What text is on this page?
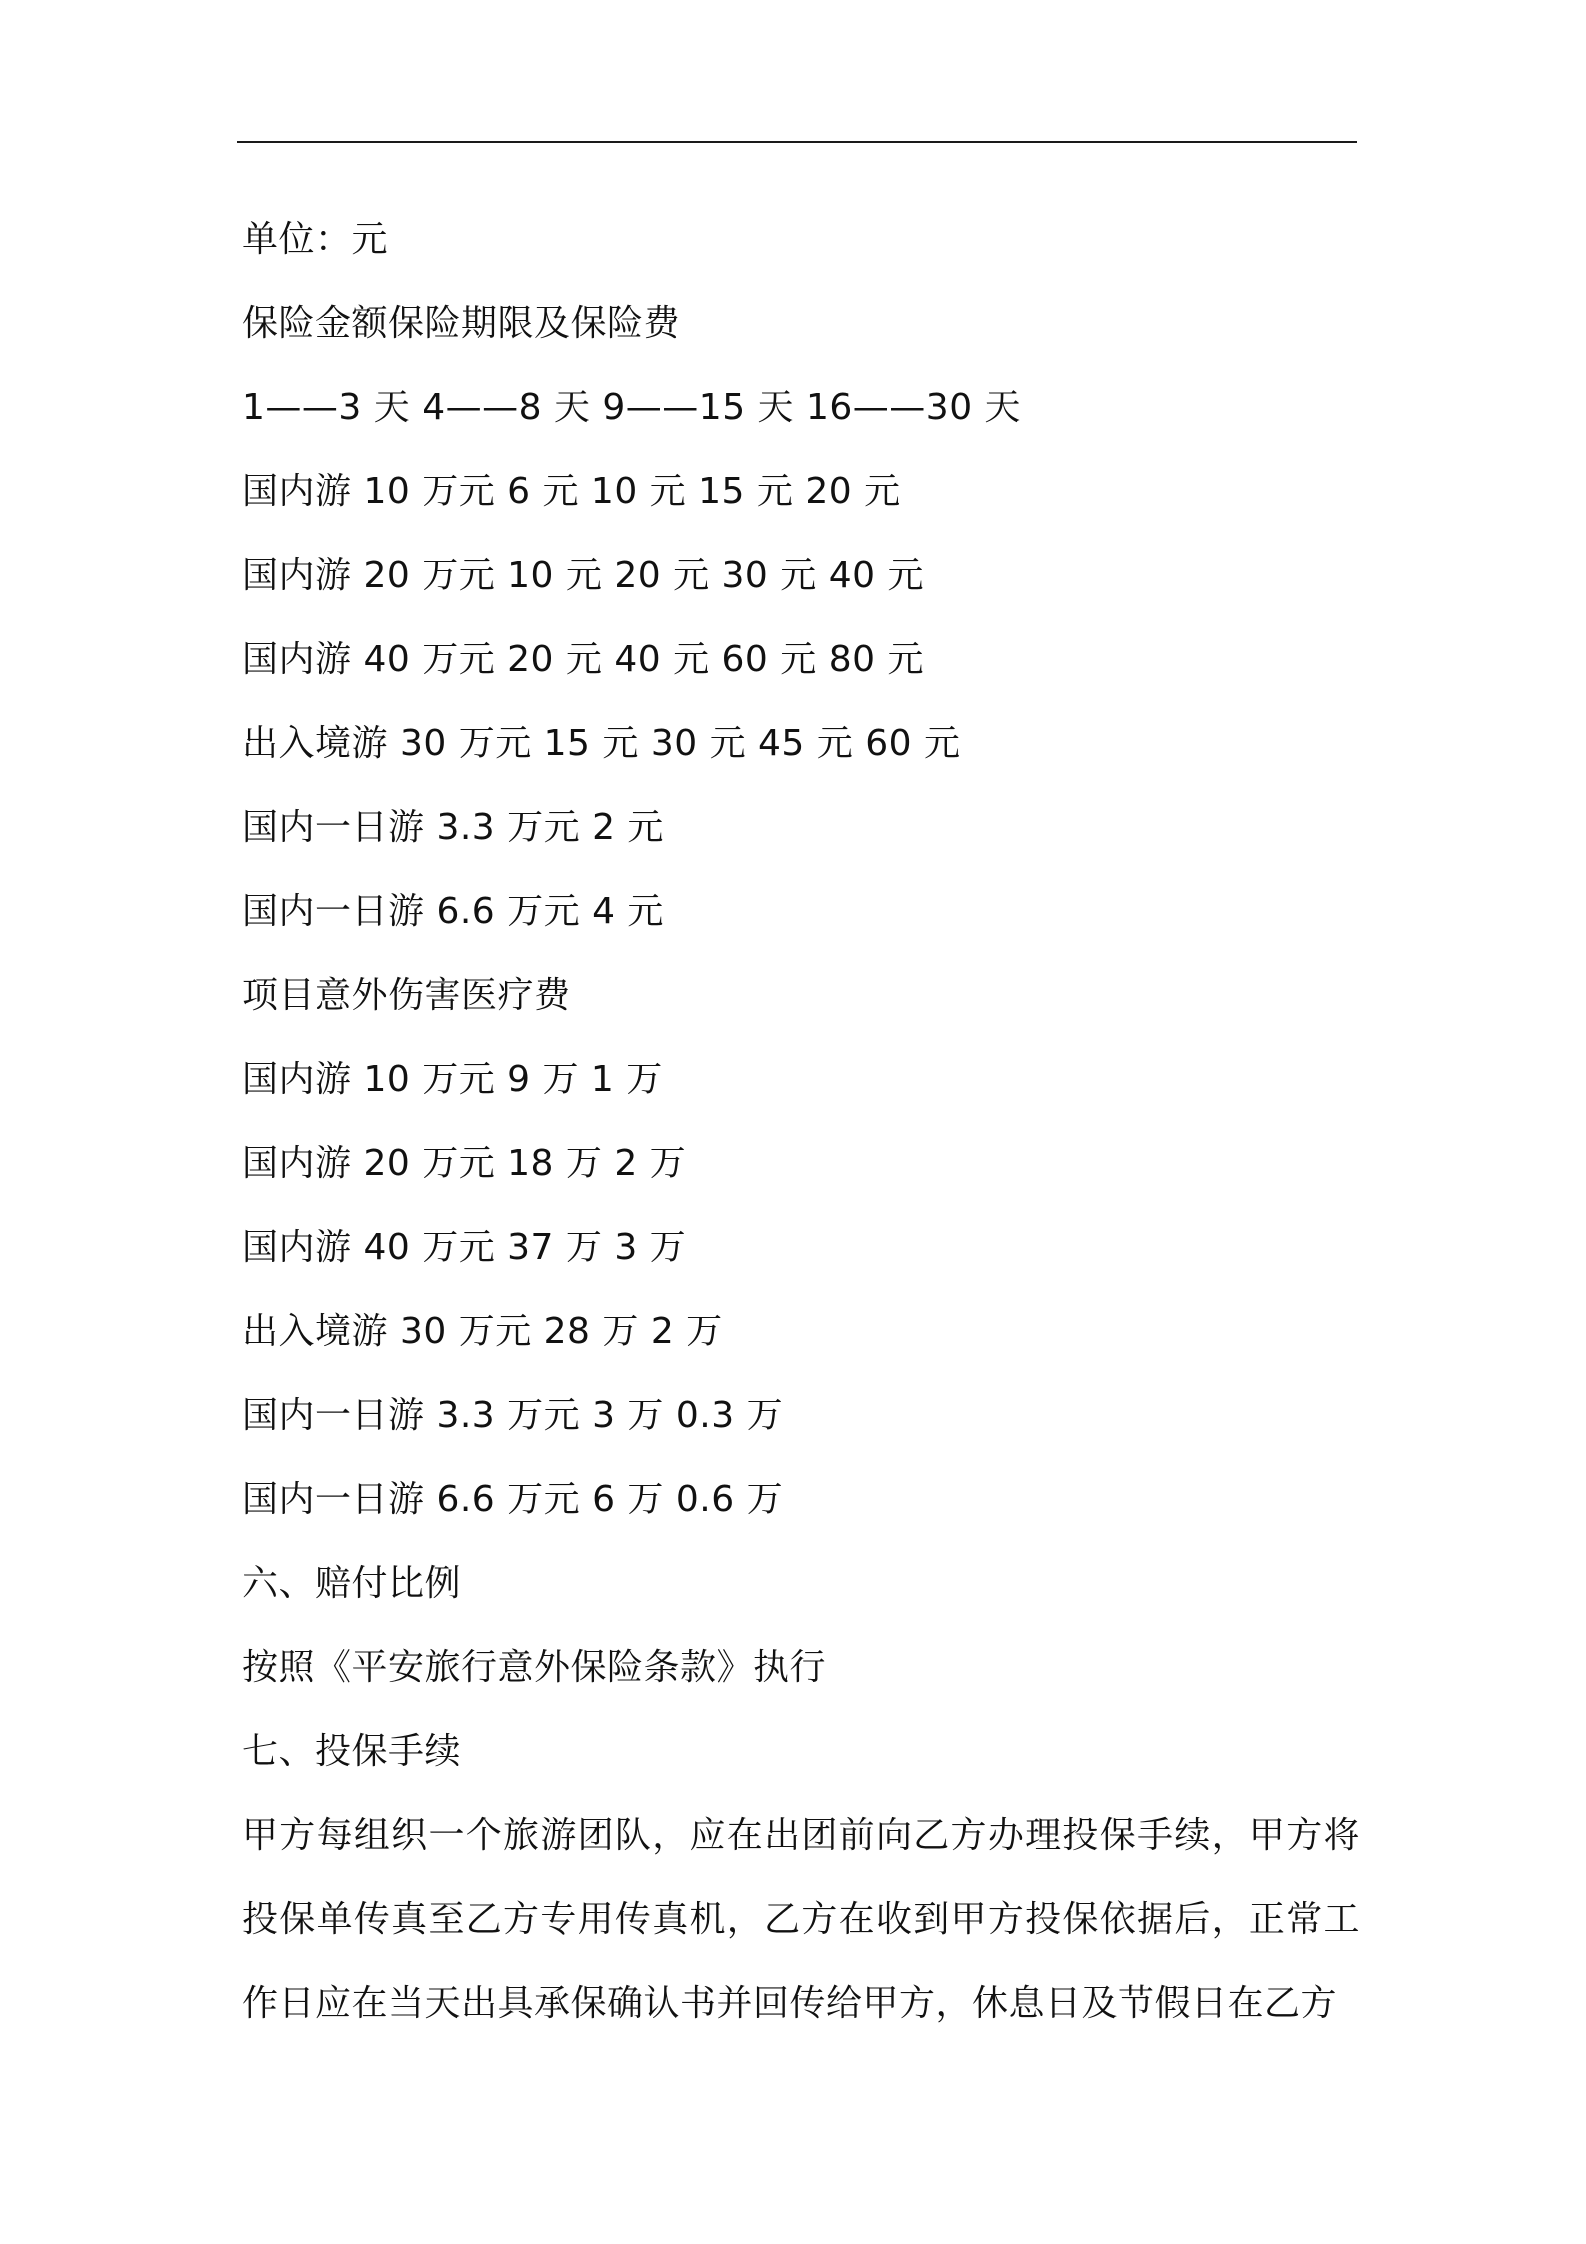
单位：元
保险金额保险期限及保险费
1——3 天 4——8 天 9——15 天 16——30 天
国内游 10 万元 6 元 10 元 15 元 20 元
国内游 20 万元 10 元 20 元 30 元 40 元
国内游 40 万元 20 元 40 元 60 元 80 元
出入境游 30 万元 15 元 30 元 45 元 60 元
国内一日游 3.3 万元 2 元
国内一日游 6.6 万元 4 元
项目意外伤害医疗费
国内游 10 万元 9 万 1 万
国内游 20 万元 18 万 2 万
国内游 40 万元 37 万 3 万
出入境游 30 万元 28 万 2 万
国内一日游 3.3 万元 3 万 0.3 万
国内一日游 6.6 万元 6 万 0.6 万
六、赔付比例
按照《平安旅行意外保险条款》执行
七、投保手续
甲方每组织一个旅游团队，应在出团前向乙方办理投保手续，甲方将投保单传真至乙方专用传真机，乙方在收到甲方投保依据后，正常工作日应在当天出具承保确认书并回传给甲方，休息日及节假日在乙方
